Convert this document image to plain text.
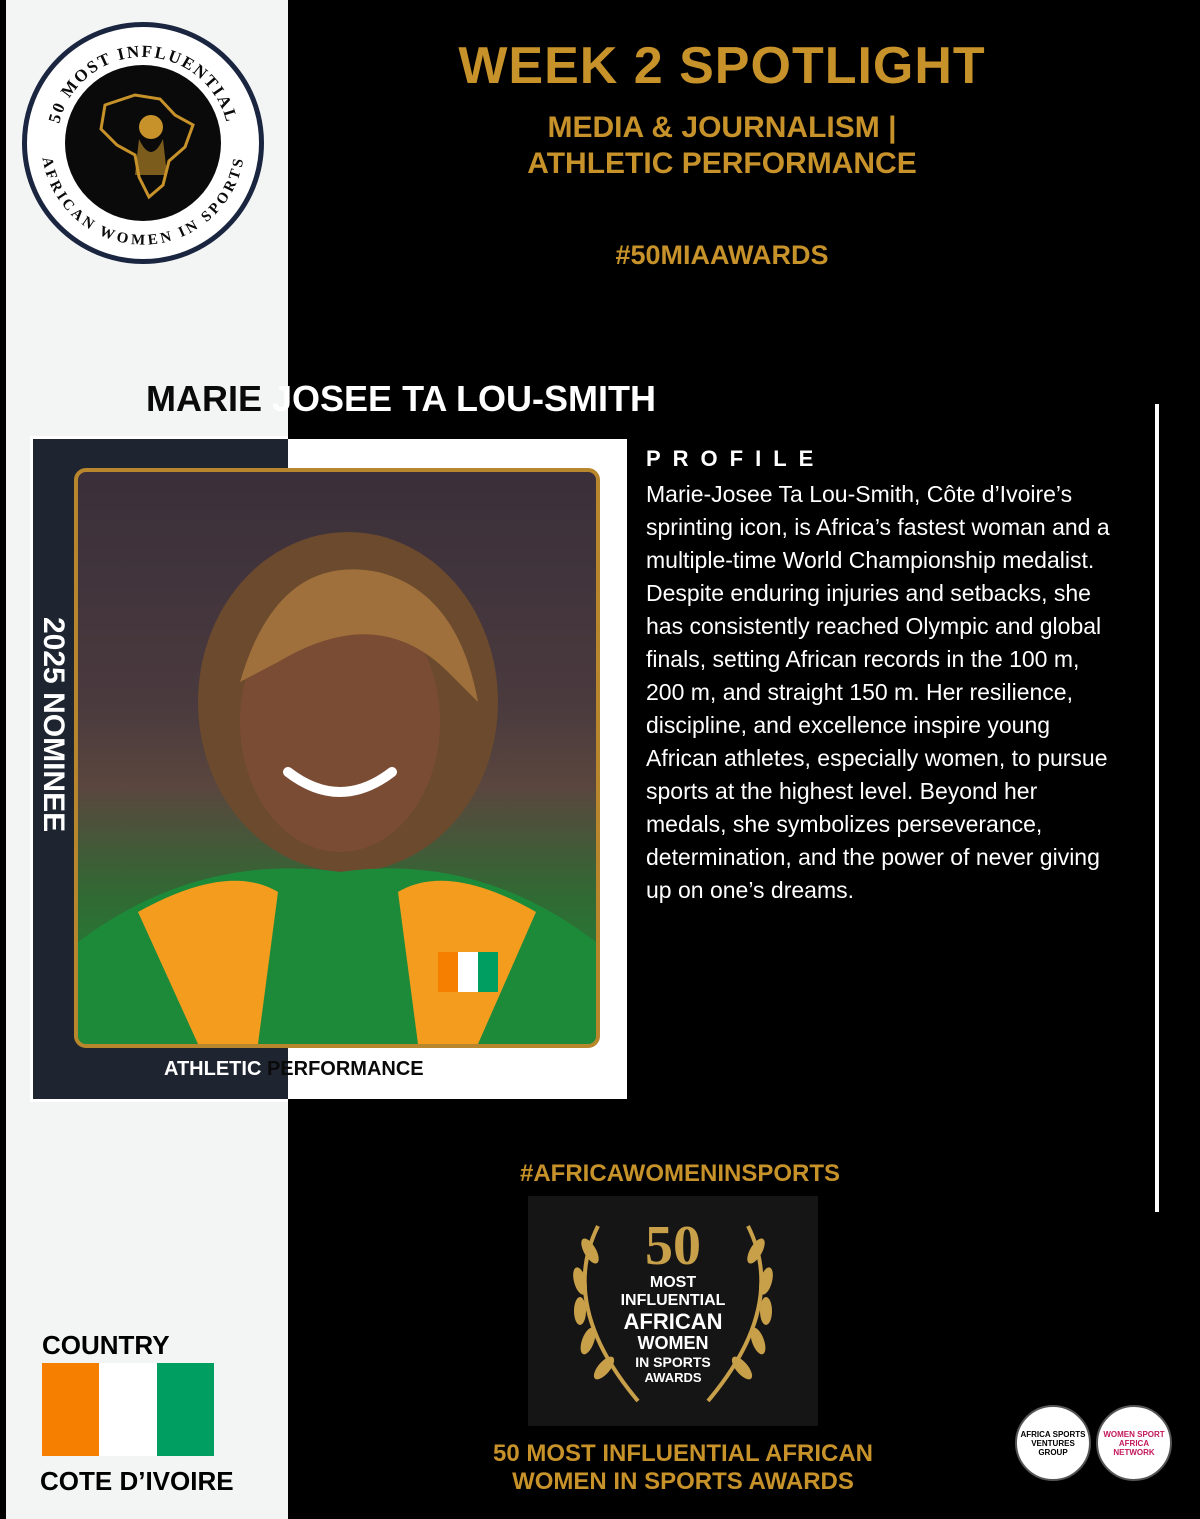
50 MOST INFLUENTIAL
AFRICAN WOMEN IN SPORTS
WEEK 2 SPOTLIGHT
MEDIA & JOURNALISM |
ATHLETIC PERFORMANCE
#50MIAAWARDS
MARIE JOSEE TA LOU-SMITH
2025 NOMINEE
ATHLETIC PERFORMANCE
PROFILE
Marie-Josee Ta Lou-Smith, Côte d’Ivoire’s sprinting icon, is Africa’s fastest woman and a multiple-time World Championship medalist. Despite enduring injuries and setbacks, she has consistently reached Olympic and global finals, setting African records in the 100 m, 200 m, and straight 150 m. Her resilience, discipline, and excellence inspire young African athletes, especially women, to pursue sports at the highest level. Beyond her medals, she symbolizes perseverance, determination, and the power of never giving up on one’s dreams.
#AFRICAWOMENINSPORTS
50
MOST
INFLUENTIAL
AFRICAN
WOMEN
IN SPORTS
AWARDS
50 MOST INFLUENTIAL AFRICAN
WOMEN IN SPORTS AWARDS
COUNTRY
COTE D’IVOIRE
AFRICA SPORTS VENTURES GROUP
WOMEN SPORT AFRICA NETWORK
